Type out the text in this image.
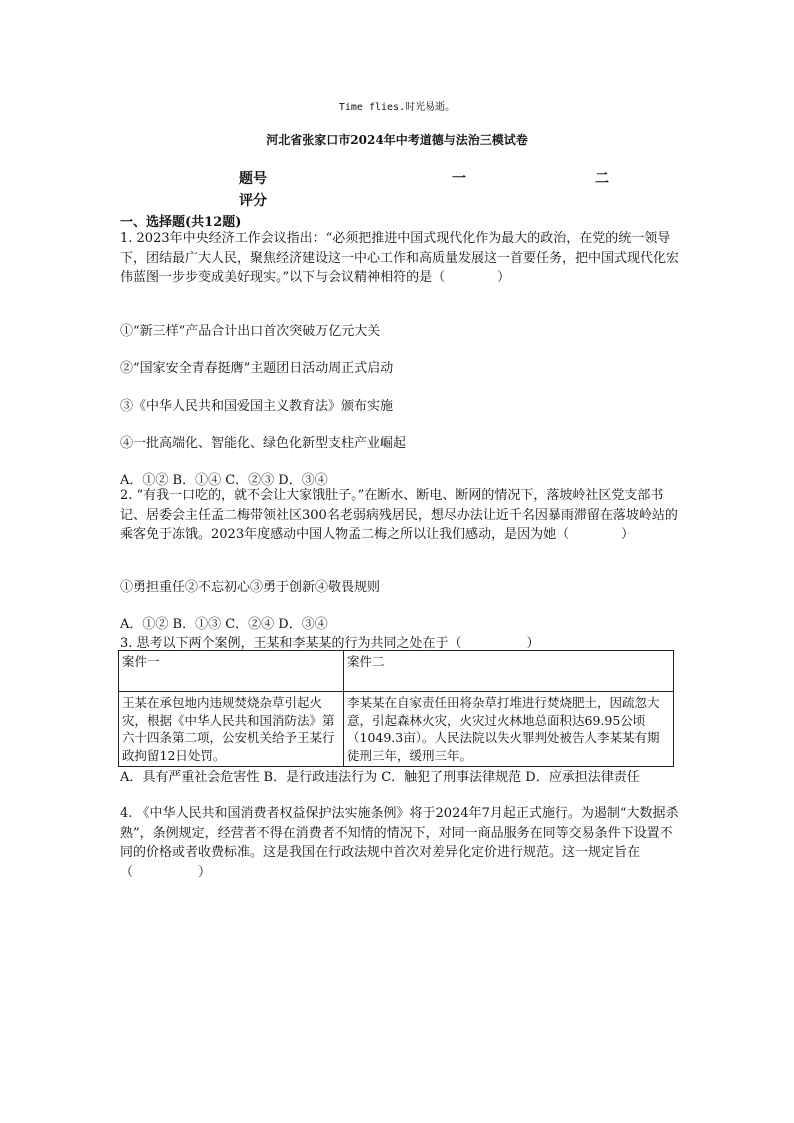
Time flies.时光易逝。
河北省张家口市2024年中考道德与法治三模试卷
题号	一	二
评分
一、选择题(共12题)
1. 2023年中央经济工作会议指出：“必须把推进中国式现代化作为最大的政治，在党的统一领导下，团结最广大人民，聚焦经济建设这一中心工作和高质量发展这一首要任务，把中国式现代化宏伟蓝图一步步变成美好现实。”以下与会议精神相符的是（　　　　）
①“新三样”产品合计出口首次突破万亿元大关
②“国家安全青春挺膺”主题团日活动周正式启动
③《中华人民共和国爱国主义教育法》颁布实施
④一批高端化、智能化、绿色化新型支柱产业崛起
A．①② B．①④ C．②③ D．③④
2. “有我一口吃的，就不会让大家饿肚子。”在断水、断电、断网的情况下，落坡岭社区党支部书记、居委会主任孟二梅带领社区300名老弱病残居民，想尽办法让近千名因暴雨滞留在落坡岭站的乘客免于冻饿。2023年度感动中国人物孟二梅之所以让我们感动，是因为她（　　　　）
①勇担重任②不忘初心③勇于创新④敬畏规则
A．①② B．①③ C．②④ D．③④
3. 思考以下两个案例，王某和李某某的行为共同之处在于（　　　　　）
案件一	案件二
王某在承包地内违规焚烧杂草引起火灾，根据《中华人民共和国消防法》第六十四条第二项，公安机关给予王某行政拘留12日处罚。	李某某在自家责任田将杂草打堆进行焚烧肥土，因疏忽大意，引起森林火灾，火灾过火林地总面积达69.95公顷（1049.3亩）。人民法院以失火罪判处被告人李某某有期徒刑三年，缓刑三年。
A．具有严重社会危害性 B．是行政违法行为 C．触犯了刑事法律规范 D．应承担法律责任
4. 《中华人民共和国消费者权益保护法实施条例》将于2024年7月起正式施行。为遏制“大数据杀熟”，条例规定，经营者不得在消费者不知情的情况下，对同一商品服务在同等交易条件下设置不同的价格或者收费标准。这是我国在行政法规中首次对差异化定价进行规范。这一规定旨在（　　　　　）
